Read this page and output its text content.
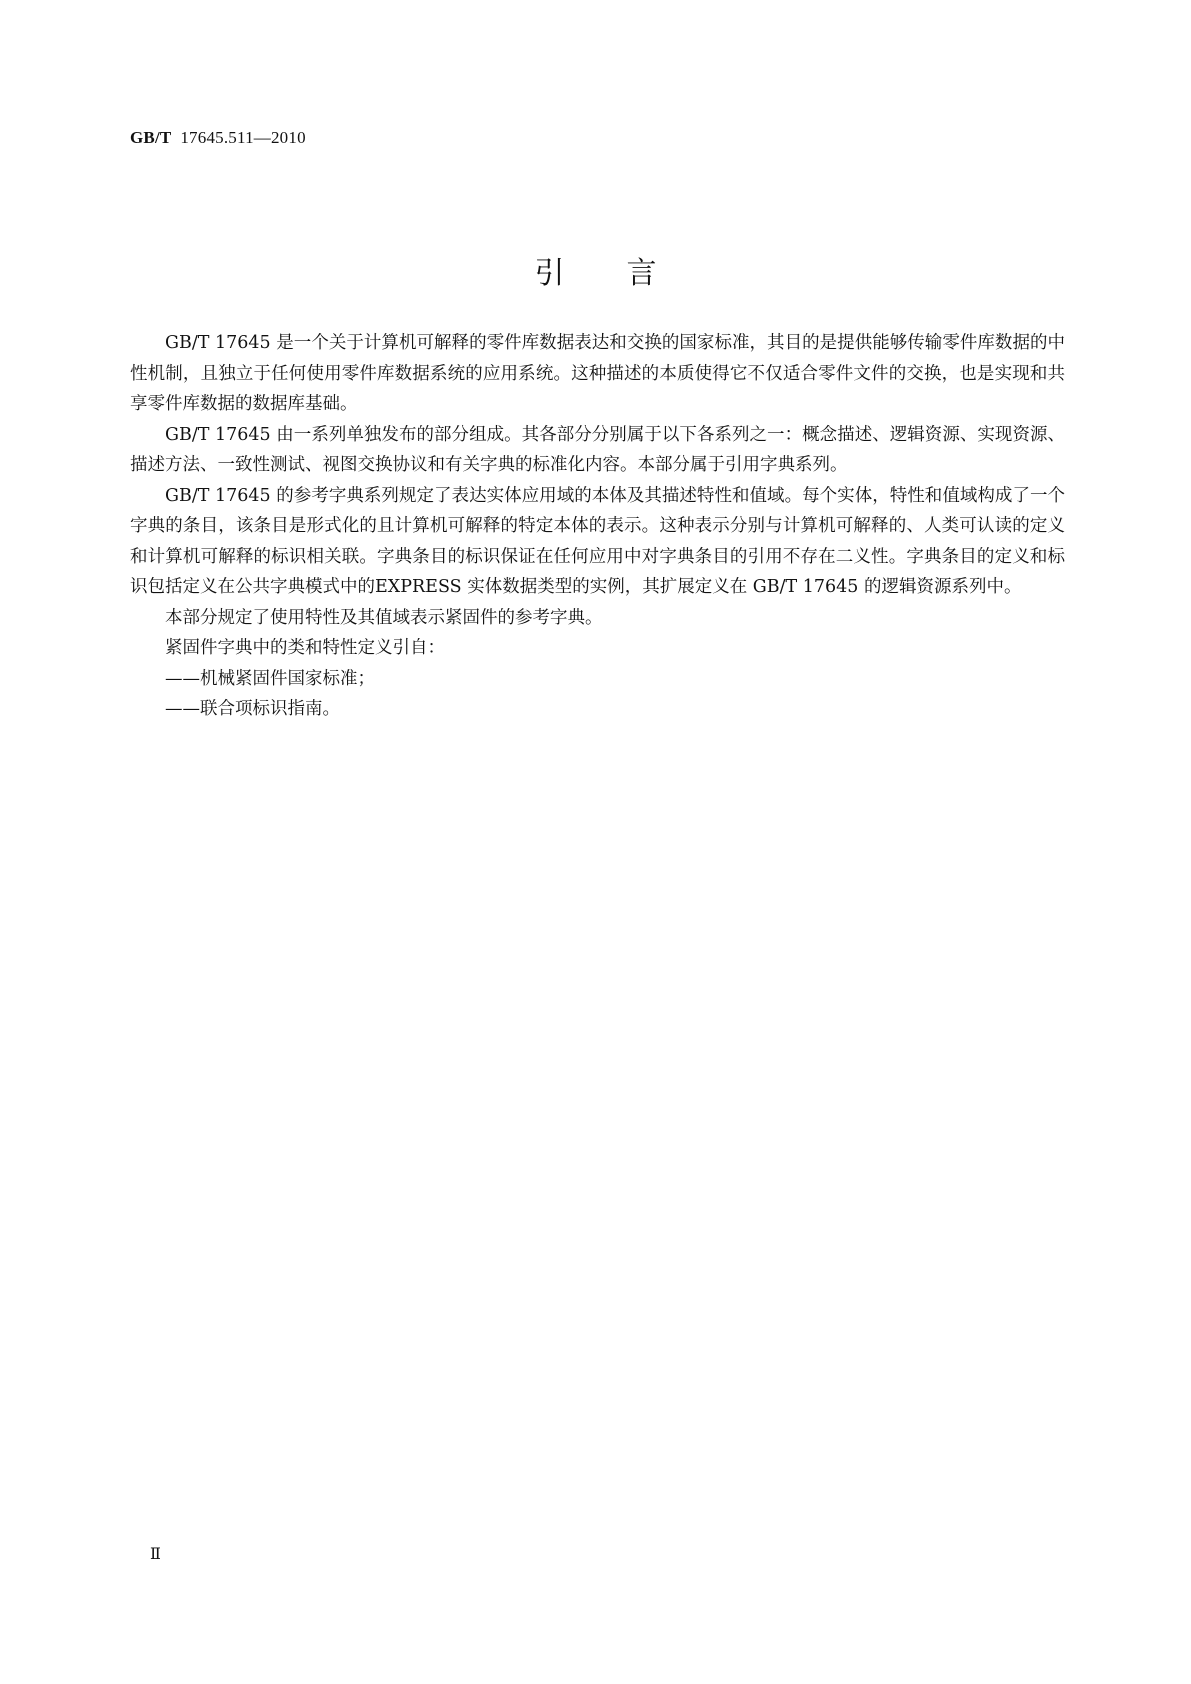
GB/T 17645.511—2010
引言

GB/T 17645 是一个关于计算机可解释的零件库数据表达和交换的国家标准，其目的是提供能够传输零件库数据的中性机制，且独立于任何使用零件库数据系统的应用系统。这种描述的本质使得它不仅适合零件文件的交换，也是实现和共享零件库数据的数据库基础。

GB/T 17645 由一系列单独发布的部分组成。其各部分分别属于以下各系列之一：概念描述、逻辑资源、实现资源、描述方法、一致性测试、视图交换协议和有关字典的标准化内容。本部分属于引用字典系列。

GB/T 17645 的参考字典系列规定了表达实体应用域的本体及其描述特性和值域。每个实体，特性和值域构成了一个字典的条目，该条目是形式化的且计算机可解释的特定本体的表示。这种表示分别与计算机可解释的、人类可认读的定义和计算机可解释的标识相关联。字典条目的标识保证在任何应用中对字典条目的引用不存在二义性。字典条目的定义和标识包括定义在公共字典模式中的EXPRESS 实体数据类型的实例，其扩展定义在 GB/T 17645 的逻辑资源系列中。

本部分规定了使用特性及其值域表示紧固件的参考字典。

紧固件字典中的类和特性定义引自：

——机械紧固件国家标准；

——联合项标识指南。

Ⅱ
